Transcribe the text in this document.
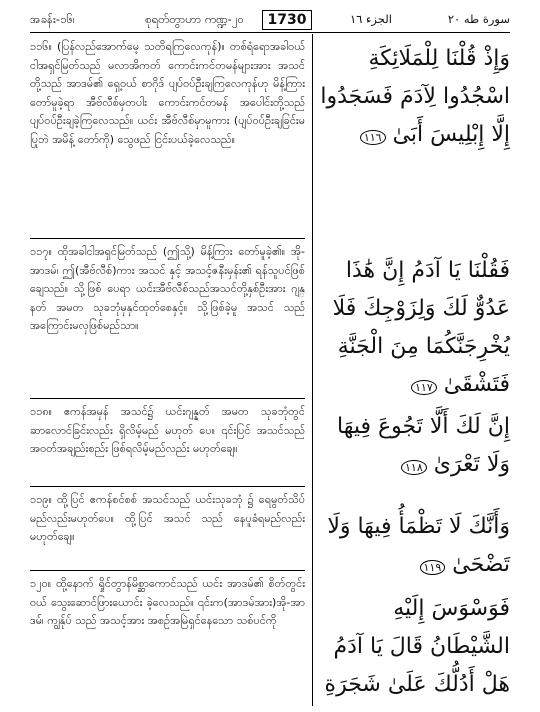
အခန်း-၁၆၊	စုရတ်တွာဟာ ကဏ္ဍ-၂၀	1730	الجزء ١٦	سورة طه ٢٠
၁၁၆။ (ပြန်လည်အောက်မေ့ သတိရကြလေကုန်)။ တစ်ရံရောအခါဝယ် ငါအရှင်မြတ်သည် မလာအိကတ် ကောင်းကင်တမန်များအား အသင်တို့သည် အာဒမ်၏ ရှေ့ဝယ် စာဂိုဒ် ပျပ်ဝပ်ဦးချကြလေကုန်ဟု မိန့်ကြား တော်မူခဲ့ရာ အီဗ်လီစ်မှတပါး ကောင်းကင်တမန် အပေါင်းတို့သည် ပျပ်ဝပ်ဦးချခဲ့ကြလေသည်။ ယင်း အီဗ်လီစ်မှာမူကား (ပျပ်ဝပ်ဦးချခြင်းမပြုဘဲ အမိန့် တော်ကို) သွေဖည် ငြင်းပယ်ခဲ့လေသည်။
وَإِذْ قُلْنَا لِلْمَلَائِكَةِ اسْجُدُوا لِآدَمَ فَسَجَدُوا إِلَّا إِبْلِيسَ أَبَىٰ ١١٦
၁၁၇။ ထိုအခါငါအရှင်မြတ်သည် (ဤသို့) မိန့်ကြား တော်မူခဲ့၏။ အို-အာဒမ်၊ ဤ(အီဗ်လီစ်)ကား အသင် နှင့် အသင့်ဇနီးမှန်း၏ ရန်သူပင်ဖြစ်ချေသည်။ သို့ဖြစ် ပေရာ ယင်းအီဗ်လီစ်သည်အသင်တို့နှစ်ဦးအား ဂျန္နတ် အမတ သုခဘုံမှနှင်ထုတ်စေနှင့်။ သို့ဖြစ်ခဲ့မူ အသင် သည် အကြောင်းမလှဖြစ်မည်သာ။
فَقُلْنَا يَا آدَمُ إِنَّ هَٰذَا عَدُوٌّ لَكَ وَلِزَوْجِكَ فَلَا يُخْرِجَنَّكُمَا مِنَ الْجَنَّةِ فَتَشْقَىٰ ١١٧
၁၁၈။ ဧကန်အမှန် အသင်၌ ယင်းဂျန္နတ် အမတ သုခဘုံတွင် ဆာလောင်ခြင်းလည်း ရှိလိမ့်မည် မဟုတ် ပေ။ ၎င်းပြင် အသင်သည် အဝတ်အချည်းစည်း ဖြစ်ရလိမ့်မည်လည်း မဟုတ်ချေ။
إِنَّ لَكَ أَلَّا تَجُوعَ فِيهَا وَلَا تَعْرَىٰ ١١٨
၁၁၉။ ထို့ပြင် ဧကန်စင်စစ် အသင်သည် ယင်းသုခဘုံ ၌ ရေမွတ်သိပ်မည်လည်းမဟုတ်ပေ။ ထို့ပြင် အသင် သည် နေပူခံရမည်လည်း မဟုတ်ချေ။	وَأَنَّكَ لَا تَظْمَأُ فِيهَا وَلَا تَضْحَىٰ ١١٩
၁၂၀။ ထို့နောက် ရှိုင်တွာန်မိစ္ဆာကောင်သည် ယင်း အာဒမ်၏ စိတ်တွင်းဝယ် သွေးဆောင်ဖြားယောင်း ခဲ့လေသည်။ ၎င်းက(အာဒမ်အား)အို-အာဒမ်၊ ကျွန်ုပ် သည် အသင့်အား အစဉ်အမြဲရှင်နေသော သစ်ပင်ကို	فَوَسْوَسَ إِلَيْهِ الشَّيْطَانُ قَالَ يَا آدَمُ هَلْ أَدُلُّكَ عَلَىٰ شَجَرَةِ
